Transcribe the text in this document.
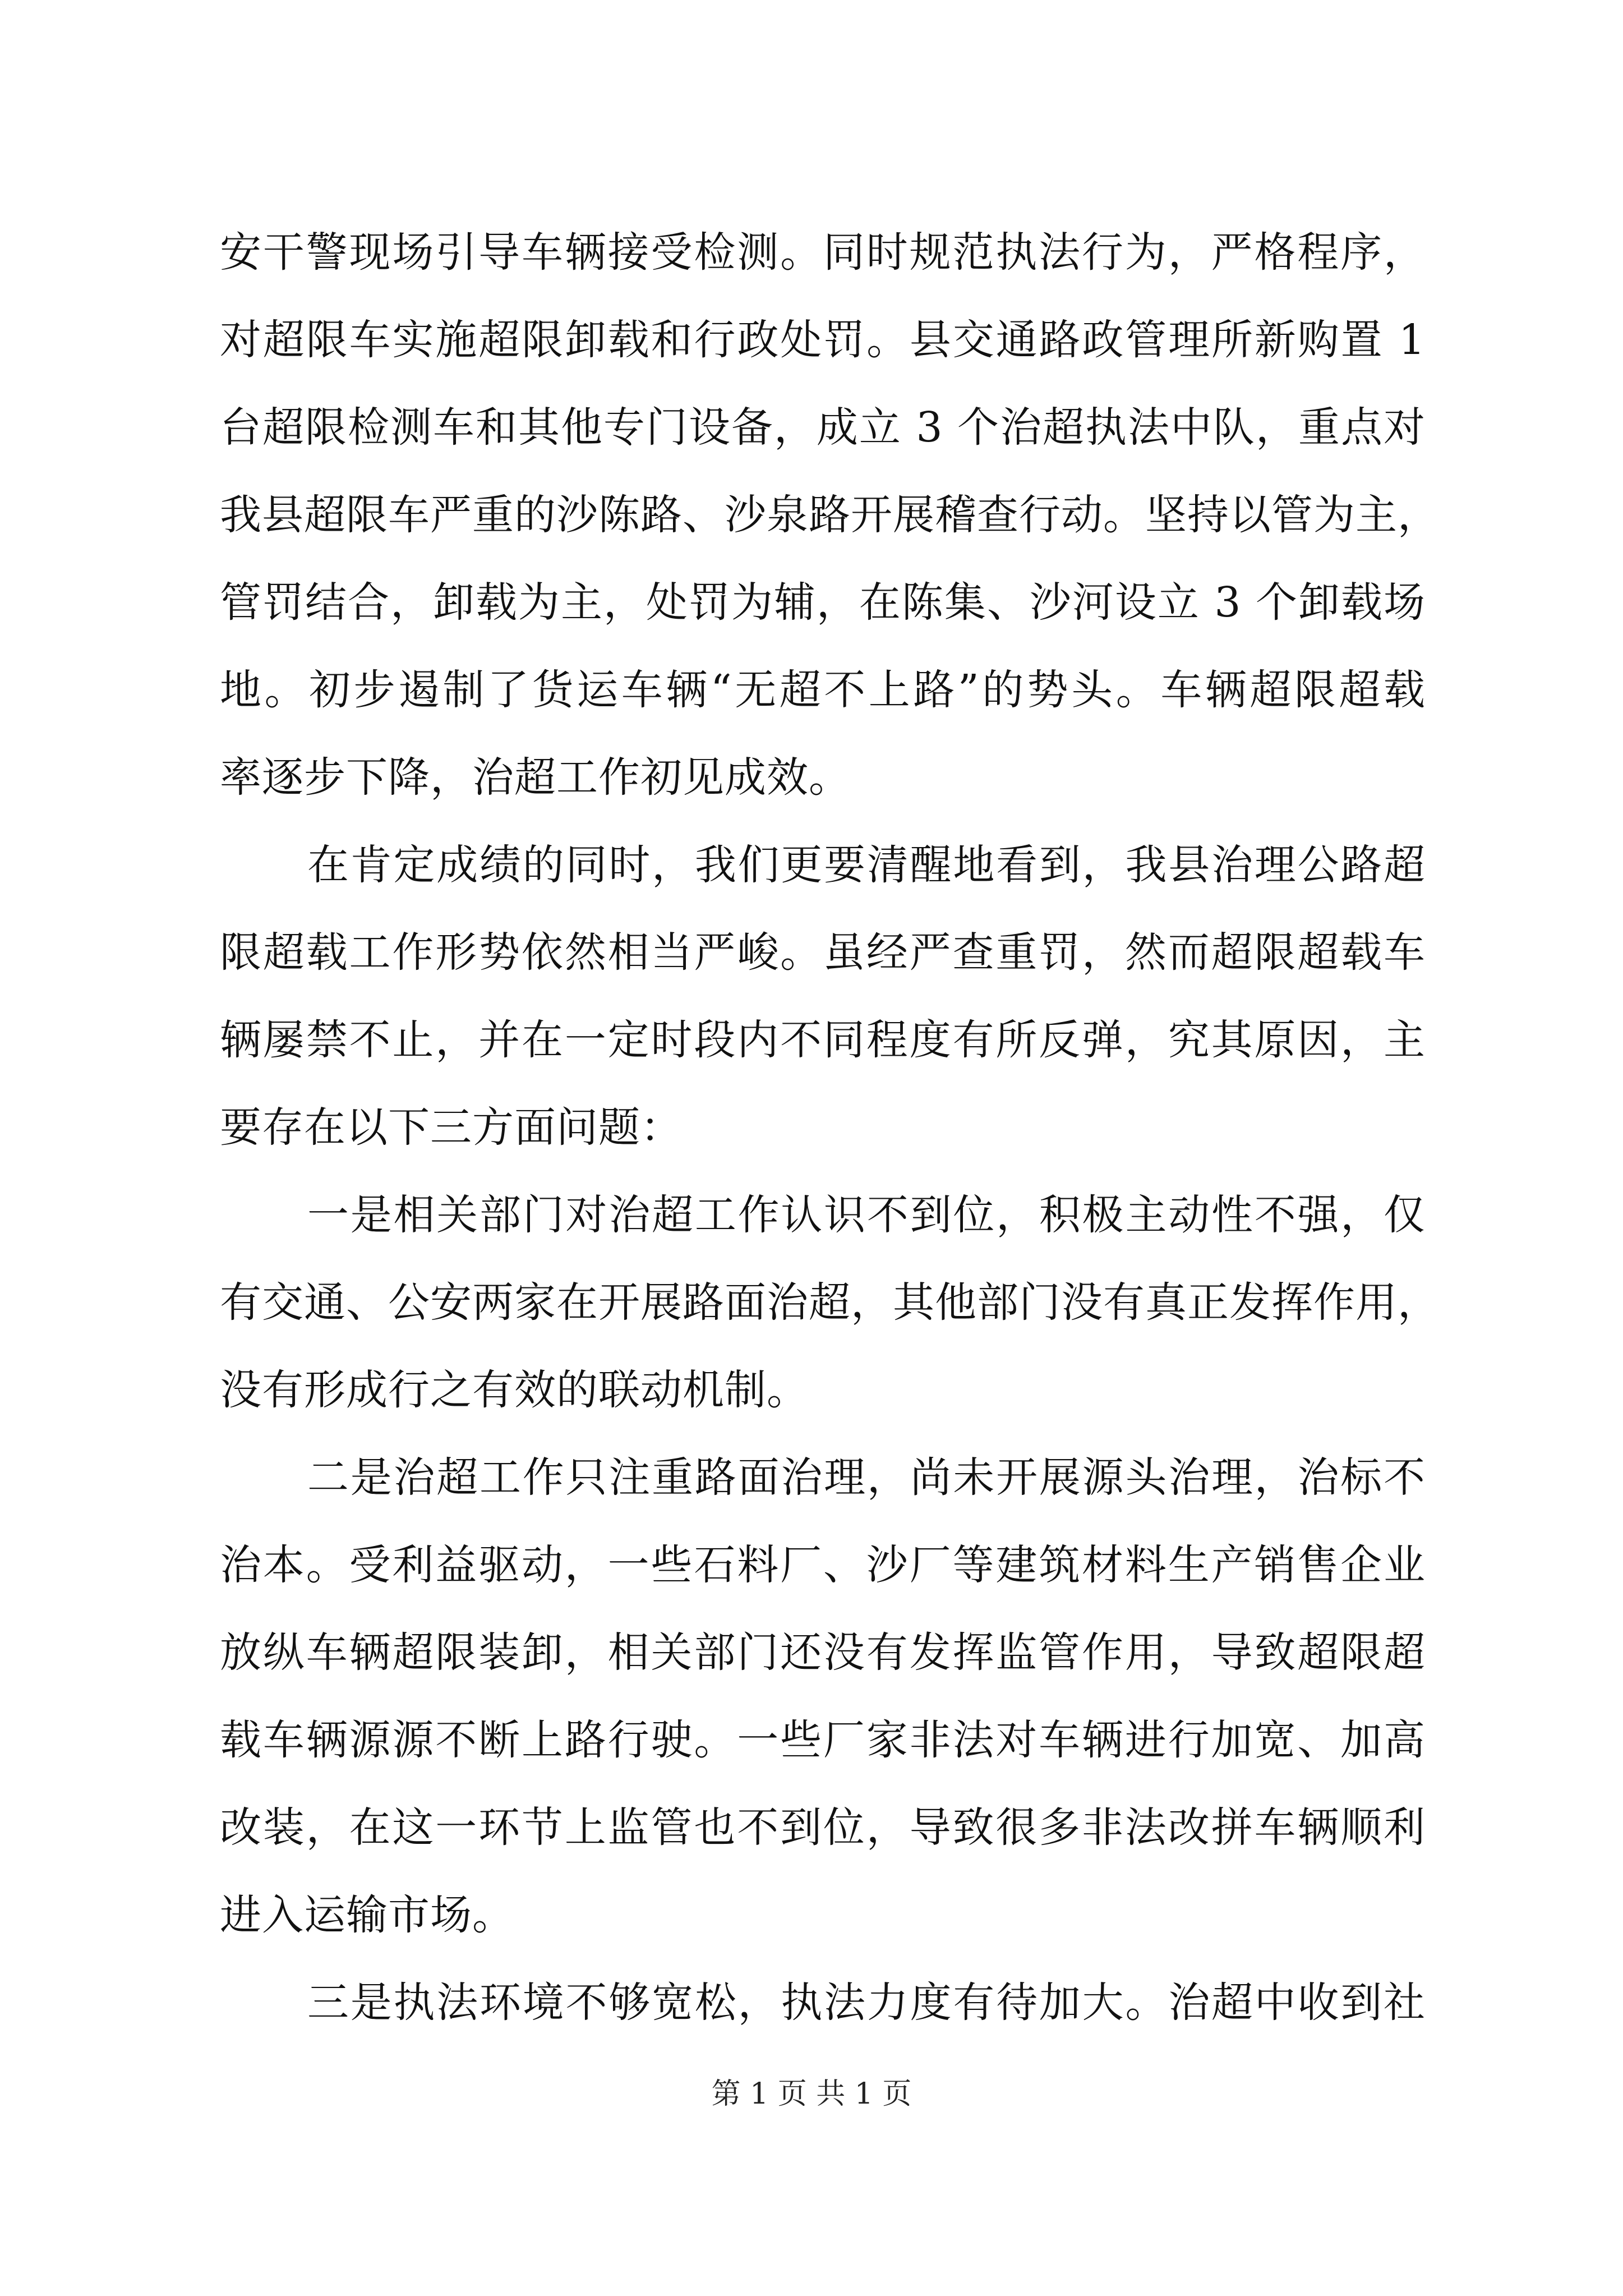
安干警现场引导车辆接受检测。同时规范执法行为，严格程序，
对超限车实施超限卸载和行政处罚。县交通路政管理所新购置 1
台超限检测车和其他专门设备，成立 3 个治超执法中队，重点对
我县超限车严重的沙陈路、沙泉路开展稽查行动。坚持以管为主，
管罚结合，卸载为主，处罚为辅，在陈集、沙河设立 3 个卸载场
地。初步遏制了货运车辆“无超不上路”的势头。车辆超限超载
率逐步下降，治超工作初见成效。
在肯定成绩的同时，我们更要清醒地看到，我县治理公路超
限超载工作形势依然相当严峻。虽经严查重罚，然而超限超载车
辆屡禁不止，并在一定时段内不同程度有所反弹，究其原因，主
要存在以下三方面问题：
一是相关部门对治超工作认识不到位，积极主动性不强，仅
有交通、公安两家在开展路面治超，其他部门没有真正发挥作用，
没有形成行之有效的联动机制。
二是治超工作只注重路面治理，尚未开展源头治理，治标不
治本。受利益驱动，一些石料厂、沙厂等建筑材料生产销售企业
放纵车辆超限装卸，相关部门还没有发挥监管作用，导致超限超
载车辆源源不断上路行驶。一些厂家非法对车辆进行加宽、加高
改装，在这一环节上监管也不到位，导致很多非法改拼车辆顺利
进入运输市场。
三是执法环境不够宽松，执法力度有待加大。治超中收到社
第 1 页 共 1 页
